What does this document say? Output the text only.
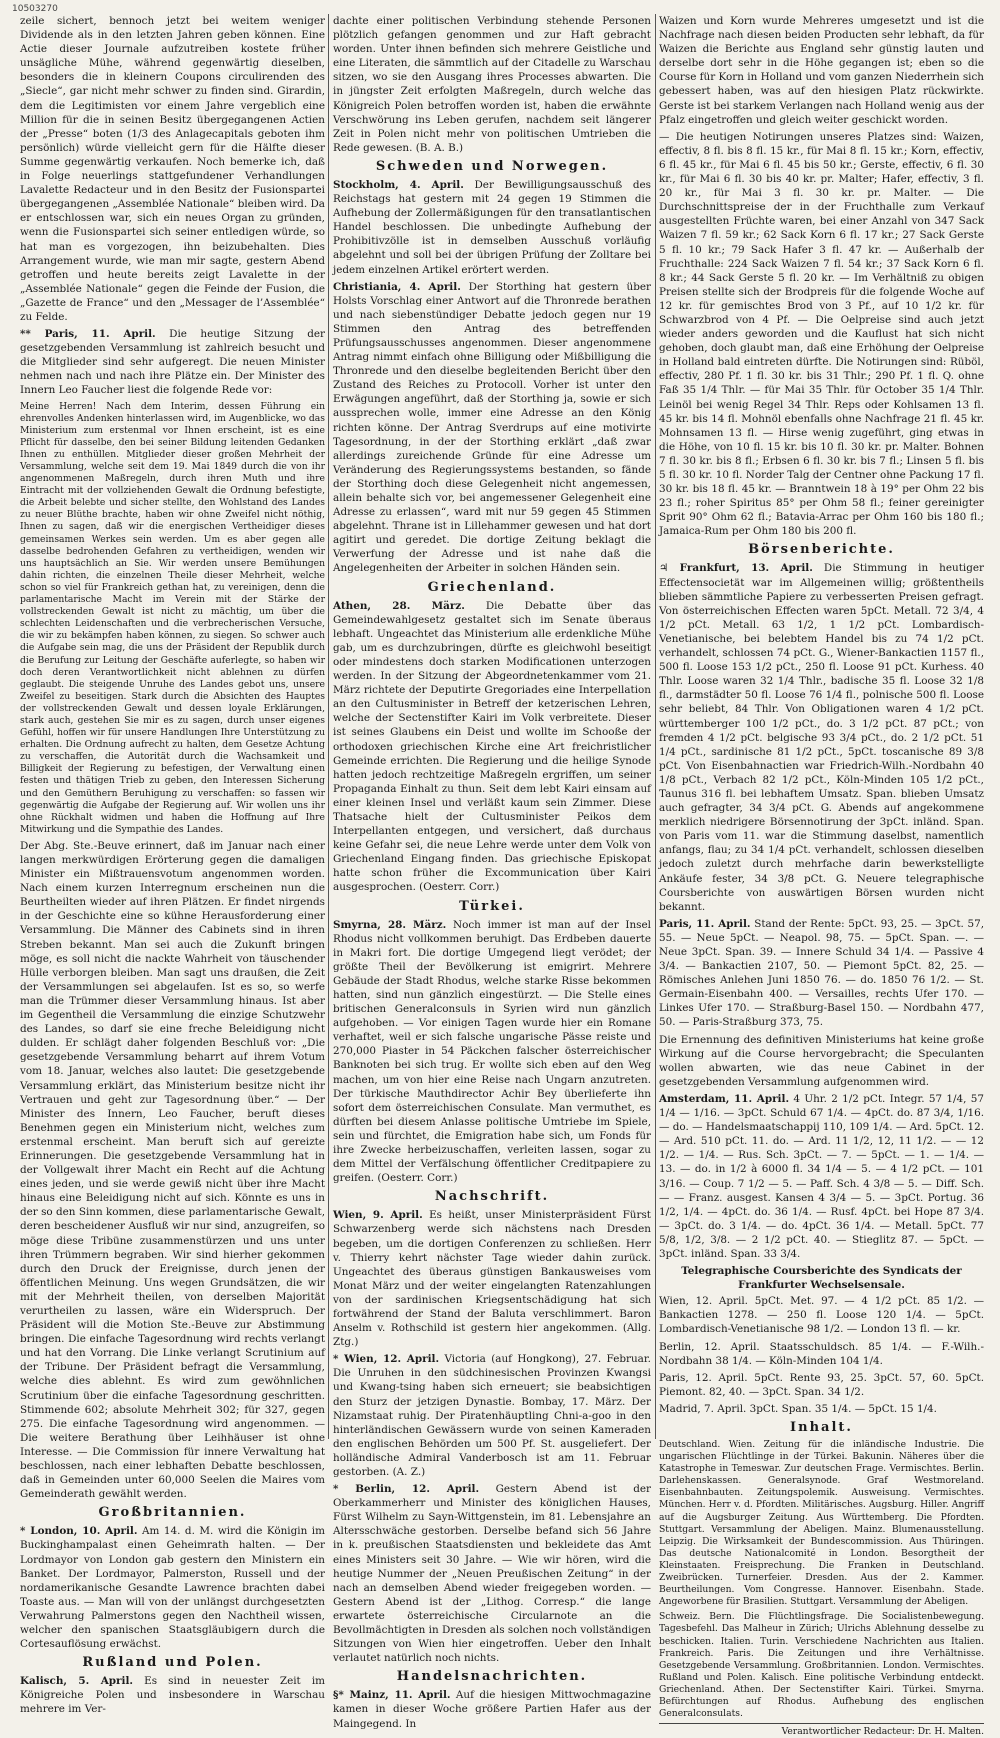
10503270

zeile sichert, bennoch jetzt bei weitem weniger Dividende als in den letzten Jahren geben können. Eine Actie dieser Journale aufzutreiben kostete früher unsägliche Mühe, während gegenwärtig dieselben, besonders die in kleinern Coupons circulirenden des „Siecle“, gar nicht mehr schwer zu finden sind. Girardin, dem die Legitimisten vor einem Jahre vergeblich eine Million für die in seinen Besitz übergegangenen Actien der „Presse“ boten (1/3 des Anlagecapitals geboten ihm persönlich) würde vielleicht gern für die Hälfte dieser Summe gegenwärtig verkaufen. Noch bemerke ich, daß in Folge neuerlings stattgefundener Verhandlungen Lavalette Redacteur und in den Besitz der Fusionspartei übergegangenen „Assemblée Nationale“ bleiben wird. Da er entschlossen war, sich ein neues Organ zu gründen, wenn die Fusionspartei sich seiner entledigen würde, so hat man es vorgezogen, ihn beizubehalten. Dies Arrangement wurde, wie man mir sagte, gestern Abend getroffen und heute bereits zeigt Lavalette in der „Assemblée Nationale“ gegen die Feinde der Fusion, die „Gazette de France“ und den „Messager de l’Assemblée“ zu Felde.

** Paris, 11. April. Die heutige Sitzung der gesetzgebenden Versammlung ist zahlreich besucht und die Mitglieder sind sehr aufgeregt. Die neuen Minister nehmen nach und nach ihre Plätze ein. Der Minister des Innern Leo Faucher liest die folgende Rede vor:

Meine Herren! Nach dem Interim, dessen Führung ein ehrenvolles Andenken hinterlassen wird, im Augenblicke, wo das Ministerium zum erstenmal vor Ihnen erscheint, ist es eine Pflicht für dasselbe, den bei seiner Bildung leitenden Gedanken Ihnen zu enthüllen. Mitglieder dieser großen Mehrheit der Versammlung, welche seit dem 19. Mai 1849 durch die von ihr angenommenen Maßregeln, durch ihren Muth und ihre Eintracht mit der vollziehenden Gewalt die Ordnung befestigte, die Arbeit belebte und sicher stellte, den Wohlstand des Landes zu neuer Blüthe brachte, haben wir ohne Zweifel nicht nöthig, Ihnen zu sagen, daß wir die energischen Vertheidiger dieses gemeinsamen Werkes sein werden. Um es aber gegen alle dasselbe bedrohenden Gefahren zu vertheidigen, wenden wir uns hauptsächlich an Sie. Wir werden unsere Bemühungen dahin richten, die einzelnen Theile dieser Mehrheit, welche schon so viel für Frankreich gethan hat, zu vereinigen, denn die parlamentarische Macht im Verein mit der Stärke der vollstreckenden Gewalt ist nicht zu mächtig, um über die schlechten Leidenschaften und die verbrecherischen Versuche, die wir zu bekämpfen haben können, zu siegen. So schwer auch die Aufgabe sein mag, die uns der Präsident der Republik durch die Berufung zur Leitung der Geschäfte auferlegte, so haben wir doch deren Verantwortlichkeit nicht ablehnen zu dürfen geglaubt. Die steigende Unruhe des Landes gebot uns, unsere Zweifel zu beseitigen. Stark durch die Absichten des Hauptes der vollstreckenden Gewalt und dessen loyale Erklärungen, stark auch, gestehen Sie mir es zu sagen, durch unser eigenes Gefühl, hoffen wir für unsere Handlungen Ihre Unterstützung zu erhalten. Die Ordnung aufrecht zu halten, dem Gesetze Achtung zu verschaffen, die Autorität durch die Wachsamkeit und Billigkeit der Regierung zu befestigen, der Verwaltung einen festen und thätigen Trieb zu geben, den Interessen Sicherung und den Gemüthern Beruhigung zu verschaffen: so fassen wir gegenwärtig die Aufgabe der Regierung auf. Wir wollen uns ihr ohne Rückhalt widmen und haben die Hoffnung auf Ihre Mitwirkung und die Sympathie des Landes.

Der Abg. Ste.-Beuve erinnert, daß im Januar nach einer langen merkwürdigen Erörterung gegen die damaligen Minister ein Mißtrauensvotum angenommen worden. Nach einem kurzen Interregnum erscheinen nun die Beurtheilten wieder auf ihren Plätzen. Er findet nirgends in der Geschichte eine so kühne Herausforderung einer Versammlung. Die Männer des Cabinets sind in ihren Streben bekannt. Man sei auch die Zukunft bringen möge, es soll nicht die nackte Wahrheit von täuschender Hülle verborgen bleiben. Man sagt uns draußen, die Zeit der Versammlungen sei abgelaufen. Ist es so, so werfe man die Trümmer dieser Versammlung hinaus. Ist aber im Gegentheil die Versammlung die einzige Schutzwehr des Landes, so darf sie eine freche Beleidigung nicht dulden. Er schlägt daher folgenden Beschluß vor: „Die gesetzgebende Versammlung beharrt auf ihrem Votum vom 18. Januar, welches also lautet: Die gesetzgebende Versammlung erklärt, das Ministerium besitze nicht ihr Vertrauen und geht zur Tagesordnung über.“ — Der Minister des Innern, Leo Faucher, beruft dieses Benehmen gegen ein Ministerium nicht, welches zum erstenmal erscheint. Man beruft sich auf gereizte Erinnerungen. Die gesetzgebende Versammlung hat in der Vollgewalt ihrer Macht ein Recht auf die Achtung eines jeden, und sie werde gewiß nicht über ihre Macht hinaus eine Beleidigung nicht auf sich. Könnte es uns in der so den Sinn kommen, diese parlamentarische Gewalt, deren bescheidener Ausfluß wir nur sind, anzugreifen, so möge diese Tribüne zusammenstürzen und uns unter ihren Trümmern begraben. Wir sind hierher gekommen durch den Druck der Ereignisse, durch jenen der öffentlichen Meinung. Uns wegen Grundsätzen, die wir mit der Mehrheit theilen, von derselben Majorität verurtheilen zu lassen, wäre ein Widerspruch. Der Präsident will die Motion Ste.-Beuve zur Abstimmung bringen. Die einfache Tagesordnung wird rechts verlangt und hat den Vorrang. Die Linke verlangt Scrutinium auf der Tribune. Der Präsident befragt die Versammlung, welche dies ablehnt. Es wird zum gewöhnlichen Scrutinium über die einfache Tagesordnung geschritten. Stimmende 602; absolute Mehrheit 302; für 327, gegen 275. Die einfache Tagesordnung wird angenommen. — Die weitere Berathung über Leihhäuser ist ohne Interesse. — Die Commission für innere Verwaltung hat beschlossen, nach einer lebhaften Debatte beschlossen, daß in Gemeinden unter 60,000 Seelen die Maires vom Gemeinderath gewählt werden.

Großbritannien.

* London, 10. April. Am 14. d. M. wird die Königin im Buckinghampalast einen Geheimrath halten. — Der Lordmayor von London gab gestern den Ministern ein Banket. Der Lordmayor, Palmerston, Russell und der nordamerikanische Gesandte Lawrence brachten dabei Toaste aus. — Man will von der unlängst durchgesetzten Verwahrung Palmerstons gegen den Nachtheil wissen, welcher den spanischen Staatsgläubigern durch die Cortesauflösung erwächst.

Rußland und Polen.

Kalisch, 5. April. Es sind in neuester Zeit im Königreiche Polen und insbesondere in Warschau mehrere im Ver-

dachte einer politischen Verbindung stehende Personen plötzlich gefangen genommen und zur Haft gebracht worden. Unter ihnen befinden sich mehrere Geistliche und eine Literaten, die sämmtlich auf der Citadelle zu Warschau sitzen, wo sie den Ausgang ihres Processes abwarten. Die in jüngster Zeit erfolgten Maßregeln, durch welche das Königreich Polen betroffen worden ist, haben die erwähnte Verschwörung ins Leben gerufen, nachdem seit längerer Zeit in Polen nicht mehr von politischen Umtrieben die Rede gewesen. (B. A. B.)

Schweden und Norwegen.

Stockholm, 4. April. Der Bewilligungsausschuß des Reichstags hat gestern mit 24 gegen 19 Stimmen die Aufhebung der Zollermäßigungen für den transatlantischen Handel beschlossen. Die unbedingte Aufhebung der Prohibitivzölle ist in demselben Ausschuß vorläufig abgelehnt und soll bei der übrigen Prüfung der Zolltare bei jedem einzelnen Artikel erörtert werden.

Christiania, 4. April. Der Storthing hat gestern über Holsts Vorschlag einer Antwort auf die Thronrede berathen und nach siebenstündiger Debatte jedoch gegen nur 19 Stimmen den Antrag des betreffenden Prüfungsausschusses angenommen. Dieser angenommene Antrag nimmt einfach ohne Billigung oder Mißbilligung die Thronrede und den dieselbe begleitenden Bericht über den Zustand des Reiches zu Protocoll. Vorher ist unter den Erwägungen angeführt, daß der Storthing ja, sowie er sich aussprechen wolle, immer eine Adresse an den König richten könne. Der Antrag Sverdrups auf eine motivirte Tagesordnung, in der der Storthing erklärt „daß zwar allerdings zureichende Gründe für eine Adresse um Veränderung des Regierungssystems bestanden, so fände der Storthing doch diese Gelegenheit nicht angemessen, allein behalte sich vor, bei angemessener Gelegenheit eine Adresse zu erlassen“, ward mit nur 59 gegen 45 Stimmen abgelehnt. Thrane ist in Lillehammer gewesen und hat dort agitirt und geredet. Die dortige Zeitung beklagt die Verwerfung der Adresse und ist nahe daß die Angelegenheiten der Arbeiter in solchen Händen sein.

Griechenland.

Athen, 28. März. Die Debatte über das Gemeindewahlgesetz gestaltet sich im Senate überaus lebhaft. Ungeachtet das Ministerium alle erdenkliche Mühe gab, um es durchzubringen, dürfte es gleichwohl beseitigt oder mindestens doch starken Modificationen unterzogen werden. In der Sitzung der Abgeordnetenkammer vom 21. März richtete der Deputirte Gregoriades eine Interpellation an den Cultusminister in Betreff der ketzerischen Lehren, welche der Sectenstifter Kairi im Volk verbreitete. Dieser ist seines Glaubens ein Deist und wollte im Schooße der orthodoxen griechischen Kirche eine Art freichristlicher Gemeinde errichten. Die Regierung und die heilige Synode hatten jedoch rechtzeitige Maßregeln ergriffen, um seiner Propaganda Einhalt zu thun. Seit dem lebt Kairi einsam auf einer kleinen Insel und verläßt kaum sein Zimmer. Diese Thatsache hielt der Cultusminister Peikos dem Interpellanten entgegen, und versichert, daß durchaus keine Gefahr sei, die neue Lehre werde unter dem Volk von Griechenland Eingang finden. Das griechische Episkopat hatte schon früher die Excommunication über Kairi ausgesprochen. (Oesterr. Corr.)

Türkei.

Smyrna, 28. März. Noch immer ist man auf der Insel Rhodus nicht vollkommen beruhigt. Das Erdbeben dauerte in Makri fort. Die dortige Umgegend liegt verödet; der größte Theil der Bevölkerung ist emigrirt. Mehrere Gebäude der Stadt Rhodus, welche starke Risse bekommen hatten, sind nun gänzlich eingestürzt. — Die Stelle eines britischen Generalconsuls in Syrien wird nun gänzlich aufgehoben. — Vor einigen Tagen wurde hier ein Romane verhaftet, weil er sich falsche ungarische Pässe reiste und 270,000 Piaster in 54 Päckchen falscher österreichischer Banknoten bei sich trug. Er wollte sich eben auf den Weg machen, um von hier eine Reise nach Ungarn anzutreten. Der türkische Mauthdirector Achir Bey überlieferte ihn sofort dem österreichischen Consulate. Man vermuthet, es dürften bei diesem Anlasse politische Umtriebe im Spiele, sein und fürchtet, die Emigration habe sich, um Fonds für ihre Zwecke herbeizuschaffen, verleiten lassen, sogar zu dem Mittel der Verfälschung öffentlicher Creditpapiere zu greifen. (Oesterr. Corr.)

Nachschrift.

Wien, 9. April. Es heißt, unser Ministerpräsident Fürst Schwarzenberg werde sich nächstens nach Dresden begeben, um die dortigen Conferenzen zu schließen. Herr v. Thierry kehrt nächster Tage wieder dahin zurück. Ungeachtet des überaus günstigen Bankausweises vom Monat März und der weiter eingelangten Ratenzahlungen von der sardinischen Kriegsentschädigung hat sich fortwährend der Stand der Baluta verschlimmert. Baron Anselm v. Rothschild ist gestern hier angekommen. (Allg. Ztg.)

* Wien, 12. April. Victoria (auf Hongkong), 27. Februar. Die Unruhen in den südchinesischen Provinzen Kwangsi und Kwang-tsing haben sich erneuert; sie beabsichtigen den Sturz der jetzigen Dynastie. Bombay, 17. März. Der Nizamstaat ruhig. Der Piratenhäuptling Chni-a-goo in den hinterländischen Gewässern wurde von seinen Kameraden den englischen Behörden um 500 Pf. St. ausgeliefert. Der holländische Admiral Vanderbosch ist am 11. Februar gestorben. (A. Z.)

* Berlin, 12. April. Gestern Abend ist der Oberkammerherr und Minister des königlichen Hauses, Fürst Wilhelm zu Sayn-Wittgenstein, im 81. Lebensjahre an Altersschwäche gestorben. Derselbe befand sich 56 Jahre in k. preußischen Staatsdiensten und bekleidete das Amt eines Ministers seit 30 Jahre. — Wie wir hören, wird die heutige Nummer der „Neuen Preußischen Zeitung“ in der nach an demselben Abend wieder freigegeben worden. — Gestern Abend ist der „Lithog. Corresp.“ die lange erwartete österreichische Circularnote an die Bevollmächtigten in Dresden als solchen noch vollständigen Sitzungen von Wien hier eingetroffen. Ueber den Inhalt verlautet natürlich noch nichts.

Handelsnachrichten.

§* Mainz, 11. April. Auf die hiesigen Mittwochmagazine kamen in dieser Woche größere Partien Hafer aus der Maingegend. In

Waizen und Korn wurde Mehreres umgesetzt und ist die Nachfrage nach diesen beiden Producten sehr lebhaft, da für Waizen die Berichte aus England sehr günstig lauten und derselbe dort sehr in die Höhe gegangen ist; eben so die Course für Korn in Holland und vom ganzen Niederrhein sich gebessert haben, was auf den hiesigen Platz rückwirkte. Gerste ist bei starkem Verlangen nach Holland wenig aus der Pfalz eingetroffen und gleich weiter geschickt worden.

— Die heutigen Notirungen unseres Platzes sind: Waizen, effectiv, 8 fl. bis 8 fl. 15 kr., für Mai 8 fl. 15 kr.; Korn, effectiv, 6 fl. 45 kr., für Mai 6 fl. 45 bis 50 kr.; Gerste, effectiv, 6 fl. 30 kr., für Mai 6 fl. 30 bis 40 kr. pr. Malter; Hafer, effectiv, 3 fl. 20 kr., für Mai 3 fl. 30 kr. pr. Malter. — Die Durchschnittspreise der in der Fruchthalle zum Verkauf ausgestellten Früchte waren, bei einer Anzahl von 347 Sack Waizen 7 fl. 59 kr.; 62 Sack Korn 6 fl. 17 kr.; 27 Sack Gerste 5 fl. 10 kr.; 79 Sack Hafer 3 fl. 47 kr. — Außerhalb der Fruchthalle: 224 Sack Waizen 7 fl. 54 kr.; 37 Sack Korn 6 fl. 8 kr.; 44 Sack Gerste 5 fl. 20 kr. — Im Verhältniß zu obigen Preisen stellte sich der Brodpreis für die folgende Woche auf 12 kr. für gemischtes Brod von 3 Pf., auf 10 1/2 kr. für Schwarzbrod von 4 Pf. — Die Oelpreise sind auch jetzt wieder anders geworden und die Kauflust hat sich nicht gehoben, doch glaubt man, daß eine Erhöhung der Oelpreise in Holland bald eintreten dürfte. Die Notirungen sind: Rüböl, effectiv, 280 Pf. 1 fl. 30 kr. bis 31 Thlr.; 290 Pf. 1 fl. Q. ohne Faß 35 1/4 Thlr. — für Mai 35 Thlr. für October 35 1/4 Thlr. Leinöl bei wenig Regel 34 Thlr. Reps oder Kohlsamen 13 fl. 45 kr. bis 14 fl. Mohnöl ebenfalls ohne Nachfrage 21 fl. 45 kr. Mohnsamen 13 fl. — Hirse wenig zugeführt, ging etwas in die Höhe, von 10 fl. 15 kr. bis 10 fl. 30 kr. pr. Malter. Bohnen 7 fl. 30 kr. bis 8 fl.; Erbsen 6 fl. 30 kr. bis 7 fl.; Linsen 5 fl. bis 5 fl. 30 kr. 10 fl. Norder Talg der Centner ohne Packung 17 fl. 30 kr. bis 18 fl. 45 kr. — Branntwein 18 à 19° per Ohm 22 bis 23 fl.; roher Spiritus 85° per Ohm 58 fl.; feiner gereinigter Sprit 90° Ohm 62 fl.; Batavia-Arrac per Ohm 160 bis 180 fl.; Jamaica-Rum per Ohm 180 bis 200 fl.

Börsenberichte.

♃ Frankfurt, 13. April. Die Stimmung in heutiger Effectensocietät war im Allgemeinen willig; größtentheils blieben sämmtliche Papiere zu verbesserten Preisen gefragt. Von österreichischen Effecten waren 5pCt. Metall. 72 3/4, 4 1/2 pCt. Metall. 63 1/2, 1 1/2 pCt. Lombardisch-Venetianische, bei belebtem Handel bis zu 74 1/2 pCt. verhandelt, schlossen 74 pCt. G., Wiener-Bankactien 1157 fl., 500 fl. Loose 153 1/2 pCt., 250 fl. Loose 91 pCt. Kurhess. 40 Thlr. Loose waren 32 1/4 Thlr., badische 35 fl. Loose 32 1/8 fl., darmstädter 50 fl. Loose 76 1/4 fl., polnische 500 fl. Loose sehr beliebt, 84 Thlr. Von Obligationen waren 4 1/2 pCt. württemberger 100 1/2 pCt., do. 3 1/2 pCt. 87 pCt.; von fremden 4 1/2 pCt. belgische 93 3/4 pCt., do. 2 1/2 pCt. 51 1/4 pCt., sardinische 81 1/2 pCt., 5pCt. toscanische 89 3/8 pCt. Von Eisenbahnactien war Friedrich-Wilh.-Nordbahn 40 1/8 pCt., Verbach 82 1/2 pCt., Köln-Minden 105 1/2 pCt., Taunus 316 fl. bei lebhaftem Umsatz. Span. blieben Umsatz auch gefragter, 34 3/4 pCt. G. Abends auf angekommene merklich niedrigere Börsennotirung der 3pCt. inländ. Span. von Paris vom 11. war die Stimmung daselbst, namentlich anfangs, flau; zu 34 1/4 pCt. verhandelt, schlossen dieselben jedoch zuletzt durch mehrfache darin bewerkstelligte Ankäufe fester, 34 3/8 pCt. G. Neuere telegraphische Coursberichte von auswärtigen Börsen wurden nicht bekannt.

Paris, 11. April. Stand der Rente: 5pCt. 93, 25. — 3pCt. 57, 55. — Neue 5pCt. — Neapol. 98, 75. — 5pCt. Span. —. — Neue 3pCt. Span. 39. — Innere Schuld 34 1/4. — Passive 4 3/4. — Bankactien 2107, 50. — Piemont 5pCt. 82, 25. — Römisches Anlehen Juni 1850 76. — do. 1850 76 1/2. — St. Germain-Eisenbahn 400. — Versailles, rechts Ufer 170. — Linkes Ufer 170. — Straßburg-Basel 150. — Nordbahn 477, 50. — Paris-Straßburg 373, 75.

Die Ernennung des definitiven Ministeriums hat keine große Wirkung auf die Course hervorgebracht; die Speculanten wollen abwarten, wie das neue Cabinet in der gesetzgebenden Versammlung aufgenommen wird.

Amsterdam, 11. April. 4 Uhr. 2 1/2 pCt. Integr. 57 1/4, 57 1/4 — 1/16. — 3pCt. Schuld 67 1/4. — 4pCt. do. 87 3/4, 1/16. — do. — Handelsmaatschappij 110, 109 1/4. — Ard. 5pCt. 12. — Ard. 510 pCt. 11. do. — Ard. 11 1/2, 12, 11 1/2. — — 12 1/2. — 1/4. — Rus. Sch. 3pCt. — 7. — 5pCt. — 1. — 1/4. — 13. — do. in 1/2 à 6000 fl. 34 1/4 — 5. — 4 1/2 pCt. — 101 3/16. — Coup. 7 1/2 — 5. — Paff. Sch. 4 3/8 — 5. — Diff. Sch. — — Franz. ausgest. Kansen 4 3/4 — 5. — 3pCt. Portug. 36 1/2, 1/4. — 4pCt. do. 36 1/4. — Rusf. 4pCt. bei Hope 87 3/4. — 3pCt. do. 3 1/4. — do. 4pCt. 36 1/4. — Metall. 5pCt. 77 5/8, 1/2, 3/8. — 2 1/2 pCt. 40. — Stieglitz 87. — 5pCt. — 3pCt. inländ. Span. 33 3/4.

Telegraphische Coursberichte des Syndicats der Frankfurter Wechselsensale.

Wien, 12. April. 5pCt. Met. 97. — 4 1/2 pCt. 85 1/2. — Bankactien 1278. — 250 fl. Loose 120 1/4. — 5pCt. Lombardisch-Venetianische 98 1/2. — London 13 fl. — kr.

Berlin, 12. April. Staatsschuldsch. 85 1/4. — F.-Wilh.-Nordbahn 38 1/4. — Köln-Minden 104 1/4.

Paris, 12. April. 5pCt. Rente 93, 25. 3pCt. 57, 60. 5pCt. Piemont. 82, 40. — 3pCt. Span. 34 1/2.

Madrid, 7. April. 3pCt. Span. 35 1/4. — 5pCt. 15 1/4.

Inhalt.

Deutschland. Wien. Zeitung für die inländische Industrie. Die ungarischen Flüchtlinge in der Türkei. Bakunin. Näheres über die Katastrophe in Temeswar. Zur deutschen Frage. Vermischtes. Berlin. Darlehenskassen. Generalsynode. Graf Westmoreland. Eisenbahnbauten. Zeitungspolemik. Ausweisung. Vermischtes. München. Herr v. d. Pfordten. Militärisches. Augsburg. Hiller. Angriff auf die Augsburger Zeitung. Aus Württemberg. Die Pfordten. Stuttgart. Versammlung der Abeligen. Mainz. Blumenausstellung. Leipzig. Die Wirksamkeit der Bundescommission. Aus Thüringen. Das deutsche Nationalcomité in London. Besorgtheit der Kleinstaaten. Freisprechung. Die Franken in Deutschland. Zweibrücken. Turnerfeier. Dresden. Aus der 2. Kammer. Beurtheilungen. Vom Congresse. Hannover. Eisenbahn. Stade. Angeworbene für Brasilien. Stuttgart. Versammlung der Abeligen.

Schweiz. Bern. Die Flüchtlingsfrage. Die Socialistenbewegung. Tagesbefehl. Das Malheur in Zürich; Ulrichs Ablehnung desselbe zu beschicken. Italien. Turin. Verschiedene Nachrichten aus Italien. Frankreich. Paris. Die Zeitungen und ihre Verhältnisse. Gesetzgebende Versammlung. Großbritannien. London. Vermischtes. Rußland und Polen. Kalisch. Eine politische Verbindung entdeckt. Griechenland. Athen. Der Sectenstifter Kairi. Türkei. Smyrna. Befürchtungen auf Rhodus. Aufhebung des englischen Generalconsulats.

Verantwortlicher Redacteur: Dr. H. Malten.
